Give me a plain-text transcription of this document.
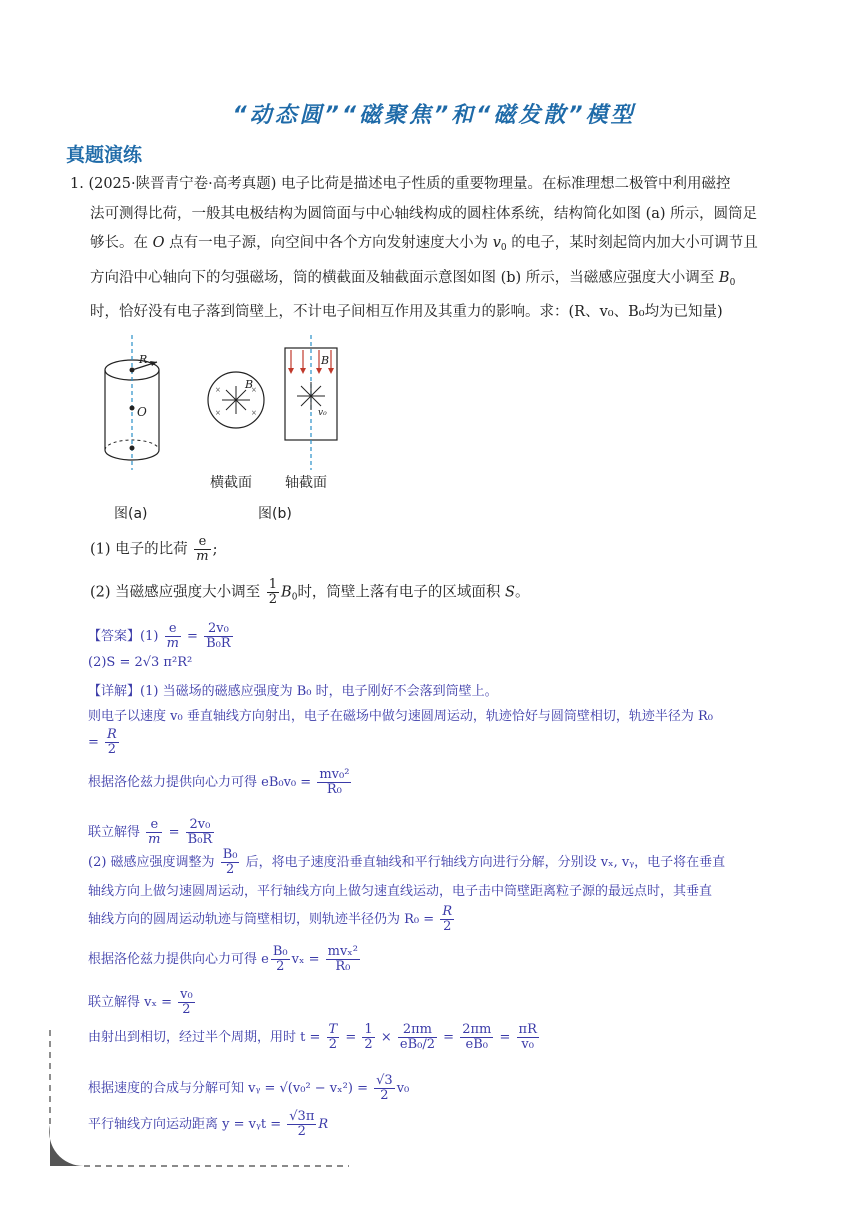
“动态圆”“磁聚焦”和“磁发散”模型
真题演练
1. (2025·陕晋青宁卷·高考真题) 电子比荷是描述电子性质的重要物理量。在标准理想二极管中利用磁控
法可测得比荷，一般其电极结构为圆筒面与中心轴线构成的圆柱体系统，结构简化如图 (a) 所示，圆筒足
够长。在 O 点有一电子源，向空间中各个方向发射速度大小为 $v_0$ 的电子，某时刻起筒内加大小可调节且
方向沿中心轴向下的匀强磁场，筒的横截面及轴截面示意图如图 (b) 所示，当磁感应强度大小调至 $B_0$
时，恰好没有电子落到筒壁上，不计电子间相互作用及其重力的影响。求：(R、v₀、B₀均为已知量)
R
O
×	×
×	×
B
B
v₀
横截面 轴截面
图(a)	图(b)
(1) 电子的比荷 $\frac{e}{m}$ ;
(2) 当磁感应强度大小调至 $\frac{1}{2} B_0$时，筒壁上落有电子的区域面积 S。
【答案】$(1) \frac{e}{m} = \frac{\text{2v₀}}{\text{B₀R}}$
(2)S = 2√3 π²R²
【详解】(1) 当磁场的磁感应强度为 B₀ 时，电子刚好不会落到筒壁上。
则电子以速度 v₀ 垂直轴线方向射出，电子在磁场中做匀速圆周运动，轨迹恰好与圆筒壁相切，轨迹半径为 R₀
= $\frac{R}{2}$
根据洛伦兹力提供向心力可得 $eB_0v_0 = \frac{\text{mv₀²}}{\text{R₀}}$
联立解得 $\frac{e}{m} = \frac{\text{2v₀}}{\text{B₀R}}$
(2) 磁感应强度调整为 $\frac{\text{B₀}}{2}$ 后，将电子速度沿垂直轴线和平行轴线方向进行分解，分别设 vₓ, vᵧ，电子将在垂直
轴线方向上做匀速圆周运动，平行轴线方向上做匀速直线运动，电子击中筒壁距离粒子源的最远点时，其垂直
轴线方向的圆周运动轨迹与筒壁相切，则轨迹半径仍为 $R_0 = \frac{R}{2}$
根据洛伦兹力提供向心力可得 e $\frac{\text{B₀}}{2}$ $v_x = \frac{\text{mvₓ²}}{\text{R₀}}$
联立解得 $v_x = \frac{\text{v₀}}{2}$
由射出到相切，经过半个周期，用时 $t = \frac{T}{2} = \frac{1}{2} \times \frac{2\pi m}{\text{eB₀/2}} = \frac{2\pi m}{\text{eB₀}} = \frac{\pi R}{\text{v₀}}$
根据速度的合成与分解可知 vᵧ = $√(v_0^2 - v_x^2) = \frac{√3}{2} v_0$
平行轴线方向运动距离 y = vᵧt = $\frac{√3\pi}{2}$ R
1
